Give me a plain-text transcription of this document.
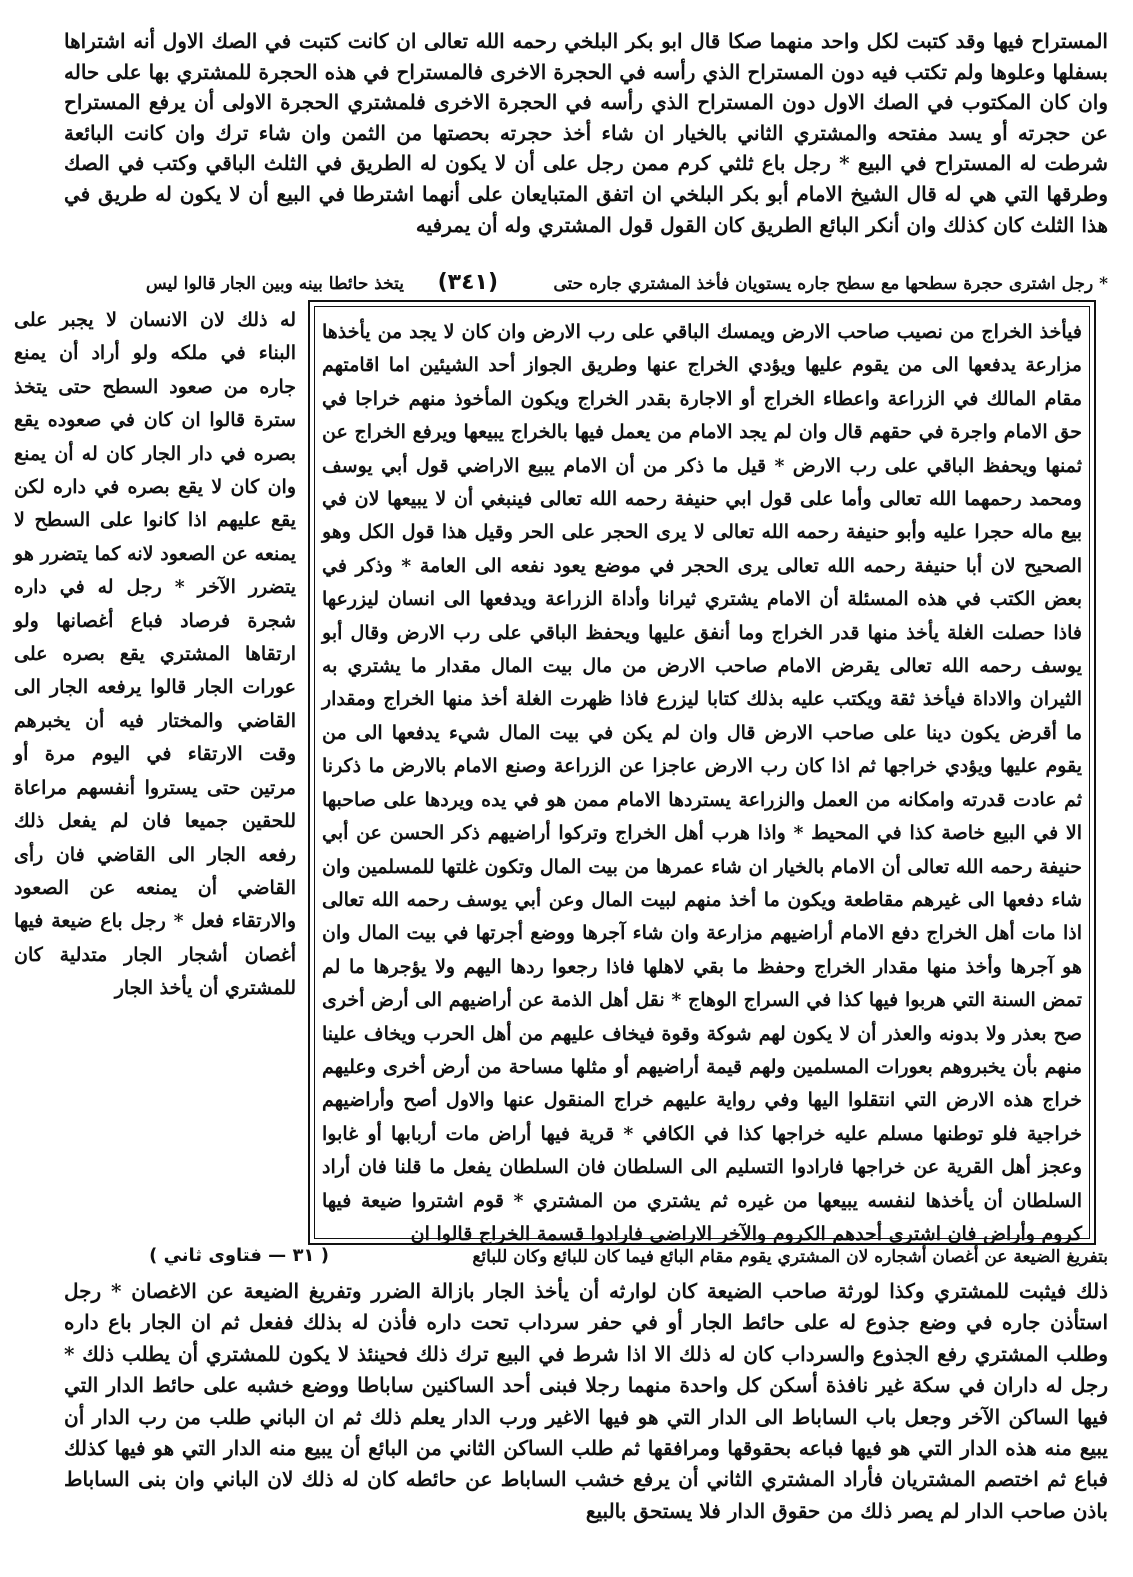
المستراح فيها وقد كتبت لكل واحد منهما صكا قال ابو بكر البلخي رحمه الله تعالى ان كانت كتبت في الصك الاول أنه اشتراها بسفلها وعلوها ولم تكتب فيه دون المستراح الذي رأسه في الحجرة الاخرى فالمستراح في هذه الحجرة للمشتري بها على حاله وان كان المكتوب في الصك الاول دون المستراح الذي رأسه في الحجرة الاخرى فلمشتري الحجرة الاولى أن يرفع المستراح عن حجرته أو يسد مفتحه والمشتري الثاني بالخيار ان شاء أخذ حجرته بحصتها من الثمن وان شاء ترك وان كانت البائعة شرطت له المستراح في البيع * رجل باع ثلثي كرم ممن رجل على أن لا يكون له الطريق في الثلث الباقي وكتب في الصك وطرقها التي هي له قال الشيخ الامام أبو بكر البلخي ان اتفق المتبايعان على أنهما اشترطا في البيع أن لا يكون له طريق في هذا الثلث كان كذلك وان أنكر البائع الطريق كان القول قول المشتري وله أن يمرفيه

* رجل اشترى حجرة سطحها مع سطح جاره يستويان فأخذ المشتري جاره حتى
(٣٤١)
يتخذ حائطا بينه وبين الجار قالوا ليس

فيأخذ الخراج من نصيب صاحب الارض ويمسك الباقي على رب الارض وان كان لا يجد من يأخذها مزارعة يدفعها الى من يقوم عليها ويؤدي الخراج عنها وطريق الجواز أحد الشيئين اما اقامتهم مقام المالك في الزراعة واعطاء الخراج أو الاجارة بقدر الخراج ويكون المأخوذ منهم خراجا في حق الامام واجرة في حقهم قال وان لم يجد الامام من يعمل فيها بالخراج يبيعها ويرفع الخراج عن ثمنها ويحفظ الباقي على رب الارض * قيل ما ذكر من أن الامام يبيع الاراضي قول أبي يوسف ومحمد رحمهما الله تعالى وأما على قول ابي حنيفة رحمه الله تعالى فينبغي أن لا يبيعها لان في بيع ماله حجرا عليه وأبو حنيفة رحمه الله تعالى لا يرى الحجر على الحر وقيل هذا قول الكل وهو الصحيح لان أبا حنيفة رحمه الله تعالى يرى الحجر في موضع يعود نفعه الى العامة * وذكر في بعض الكتب في هذه المسئلة أن الامام يشتري ثيرانا وأداة الزراعة ويدفعها الى انسان ليزرعها فاذا حصلت الغلة يأخذ منها قدر الخراج وما أنفق عليها ويحفظ الباقي على رب الارض وقال أبو يوسف رحمه الله تعالى يقرض الامام صاحب الارض من مال بيت المال مقدار ما يشتري به الثيران والاداة فيأخذ ثقة ويكتب عليه بذلك كتابا ليزرع فاذا ظهرت الغلة أخذ منها الخراج ومقدار ما أقرض يكون دينا على صاحب الارض قال وان لم يكن في بيت المال شيء يدفعها الى من يقوم عليها ويؤدي خراجها ثم اذا كان رب الارض عاجزا عن الزراعة وصنع الامام بالارض ما ذكرنا ثم عادت قدرته وامكانه من العمل والزراعة يستردها الامام ممن هو في يده ويردها على صاحبها الا في البيع خاصة كذا في المحيط * واذا هرب أهل الخراج وتركوا أراضيهم ذكر الحسن عن أبي حنيفة رحمه الله تعالى أن الامام بالخيار ان شاء عمرها من بيت المال وتكون غلتها للمسلمين وان شاء دفعها الى غيرهم مقاطعة ويكون ما أخذ منهم لبيت المال وعن أبي يوسف رحمه الله تعالى اذا مات أهل الخراج دفع الامام أراضيهم مزارعة وان شاء آجرها ووضع أجرتها في بيت المال وان هو آجرها وأخذ منها مقدار الخراج وحفظ ما بقي لاهلها فاذا رجعوا ردها اليهم ولا يؤجرها ما لم تمض السنة التي هربوا فيها كذا في السراج الوهاج * نقل أهل الذمة عن أراضيهم الى أرض أخرى صح بعذر ولا بدونه والعذر أن لا يكون لهم شوكة وقوة فيخاف عليهم من أهل الحرب ويخاف علينا منهم بأن يخبروهم بعورات المسلمين ولهم قيمة أراضيهم أو مثلها مساحة من أرض أخرى وعليهم خراج هذه الارض التي انتقلوا اليها وفي رواية عليهم خراج المنقول عنها والاول أصح وأراضيهم خراجية فلو توطنها مسلم عليه خراجها كذا في الكافي * قرية فيها أراض مات أربابها أو غابوا وعجز أهل القرية عن خراجها فارادوا التسليم الى السلطان فان السلطان يفعل ما قلنا فان أراد السلطان أن يأخذها لنفسه يبيعها من غيره ثم يشتري من المشتري * قوم اشتروا ضيعة فيها كروم وأراض فان اشترى أحدهم الكروم والآخر الاراضي فارادوا قسمة الخراج قالوا ان

له ذلك لان الانسان لا يجبر على البناء في ملكه ولو أراد أن يمنع جاره من صعود السطح حتى يتخذ سترة قالوا ان كان في صعوده يقع بصره في دار الجار كان له أن يمنع وان كان لا يقع بصره في داره لكن يقع عليهم اذا كانوا على السطح لا يمنعه عن الصعود لانه كما يتضرر هو يتضرر الآخر * رجل له في داره شجرة فرصاد فباع أغصانها ولو ارتقاها المشتري يقع بصره على عورات الجار قالوا يرفعه الجار الى القاضي والمختار فيه أن يخبرهم وقت الارتقاء في اليوم مرة أو مرتين حتى يستروا أنفسهم مراعاة للحقين جميعا فان لم يفعل ذلك رفعه الجار الى القاضي فان رأى القاضي أن يمنعه عن الصعود والارتقاء فعل * رجل باع ضيعة فيها أغصان أشجار الجار متدلية كان للمشتري أن يأخذ الجار

بتفريغ الضيعة عن أغصان أشجاره لان المشتري يقوم مقام البائع فيما كان للبائع وكان للبائع
( ٣١ — فتاوى ثاني )

ذلك فيثبت للمشتري وكذا لورثة صاحب الضيعة كان لوارثه أن يأخذ الجار بازالة الضرر وتفريغ الضيعة عن الاغصان * رجل استأذن جاره في وضع جذوع له على حائط الجار أو في حفر سرداب تحت داره فأذن له بذلك ففعل ثم ان الجار باع داره وطلب المشتري رفع الجذوع والسرداب كان له ذلك الا اذا شرط في البيع ترك ذلك فحينئذ لا يكون للمشتري أن يطلب ذلك * رجل له داران في سكة غير نافذة أسكن كل واحدة منهما رجلا فبنى أحد الساكنين ساباطا ووضع خشبه على حائط الدار التي فيها الساكن الآخر وجعل باب الساباط الى الدار التي هو فيها الاغير ورب الدار يعلم ذلك ثم ان الباني طلب من رب الدار أن يبيع منه هذه الدار التي هو فيها فباعه بحقوقها ومرافقها ثم طلب الساكن الثاني من البائع أن يبيع منه الدار التي هو فيها كذلك فباع ثم اختصم المشتريان فأراد المشتري الثاني أن يرفع خشب الساباط عن حائطه كان له ذلك لان الباني وان بنى الساباط باذن صاحب الدار لم يصر ذلك من حقوق الدار فلا يستحق بالبيع
